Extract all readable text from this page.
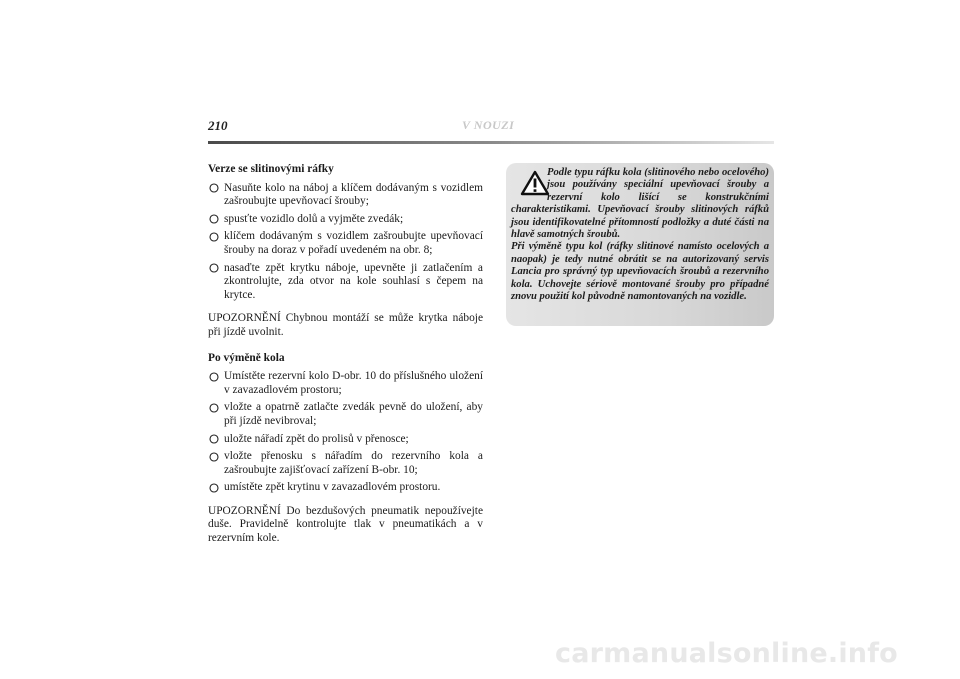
210	V NOUZI
Verze se slitinovými ráfky
Nasuňte kolo na náboj a klíčem dodávaným s vozidlem zašroubujte upevňovací šrouby;
spusťte vozidlo dolů a vyjměte zvedák;
klíčem dodávaným s vozidlem zašroubujte upevňovací šrouby na doraz v pořadí uvedeném na obr. 8;
nasaďte zpět krytku náboje, upevněte ji zatlačením a zkontrolujte, zda otvor na kole souhlasí s čepem na krytce.

UPOZORNĚNÍ Chybnou montáží se může krytka náboje při jízdě uvolnit.

Po výměně kola
Umístěte rezervní kolo D-obr. 10 do příslušného uložení v zavazadlovém prostoru;
vložte a opatrně zatlačte zvedák pevně do uložení, aby při jízdě nevibroval;
uložte nářadí zpět do prolisů v přenosce;
vložte přenosku s nářadím do rezervního kola a zašroubujte zajišťovací zařízení B-obr. 10;
umístěte zpět krytinu v zavazadlovém prostoru.

UPOZORNĚNÍ Do bezdušových pneumatik nepoužívejte duše. Pravidelně kontrolujte tlak v pneumatikách a v rezervním kole.

Podle typu ráfku kola (slitinového nebo ocelového) jsou používány speciální upevňovací šrouby a rezervní kolo lišící se konstrukčními charakteristikami. Upevňovací šrouby slitinových ráfků jsou identifikovatelné přítomností podložky a duté části na hlavě samotných šroubů.

Při výměně typu kol (ráfky slitinové namísto ocelových a naopak) je tedy nutné obrátit se na autorizovaný servis Lancia pro správný typ upevňovacích šroubů a rezervního kola. Uchovejte sériově montované šrouby pro případné znovu použití kol původně namontovaných na vozidle.

carmanualsonline.info
